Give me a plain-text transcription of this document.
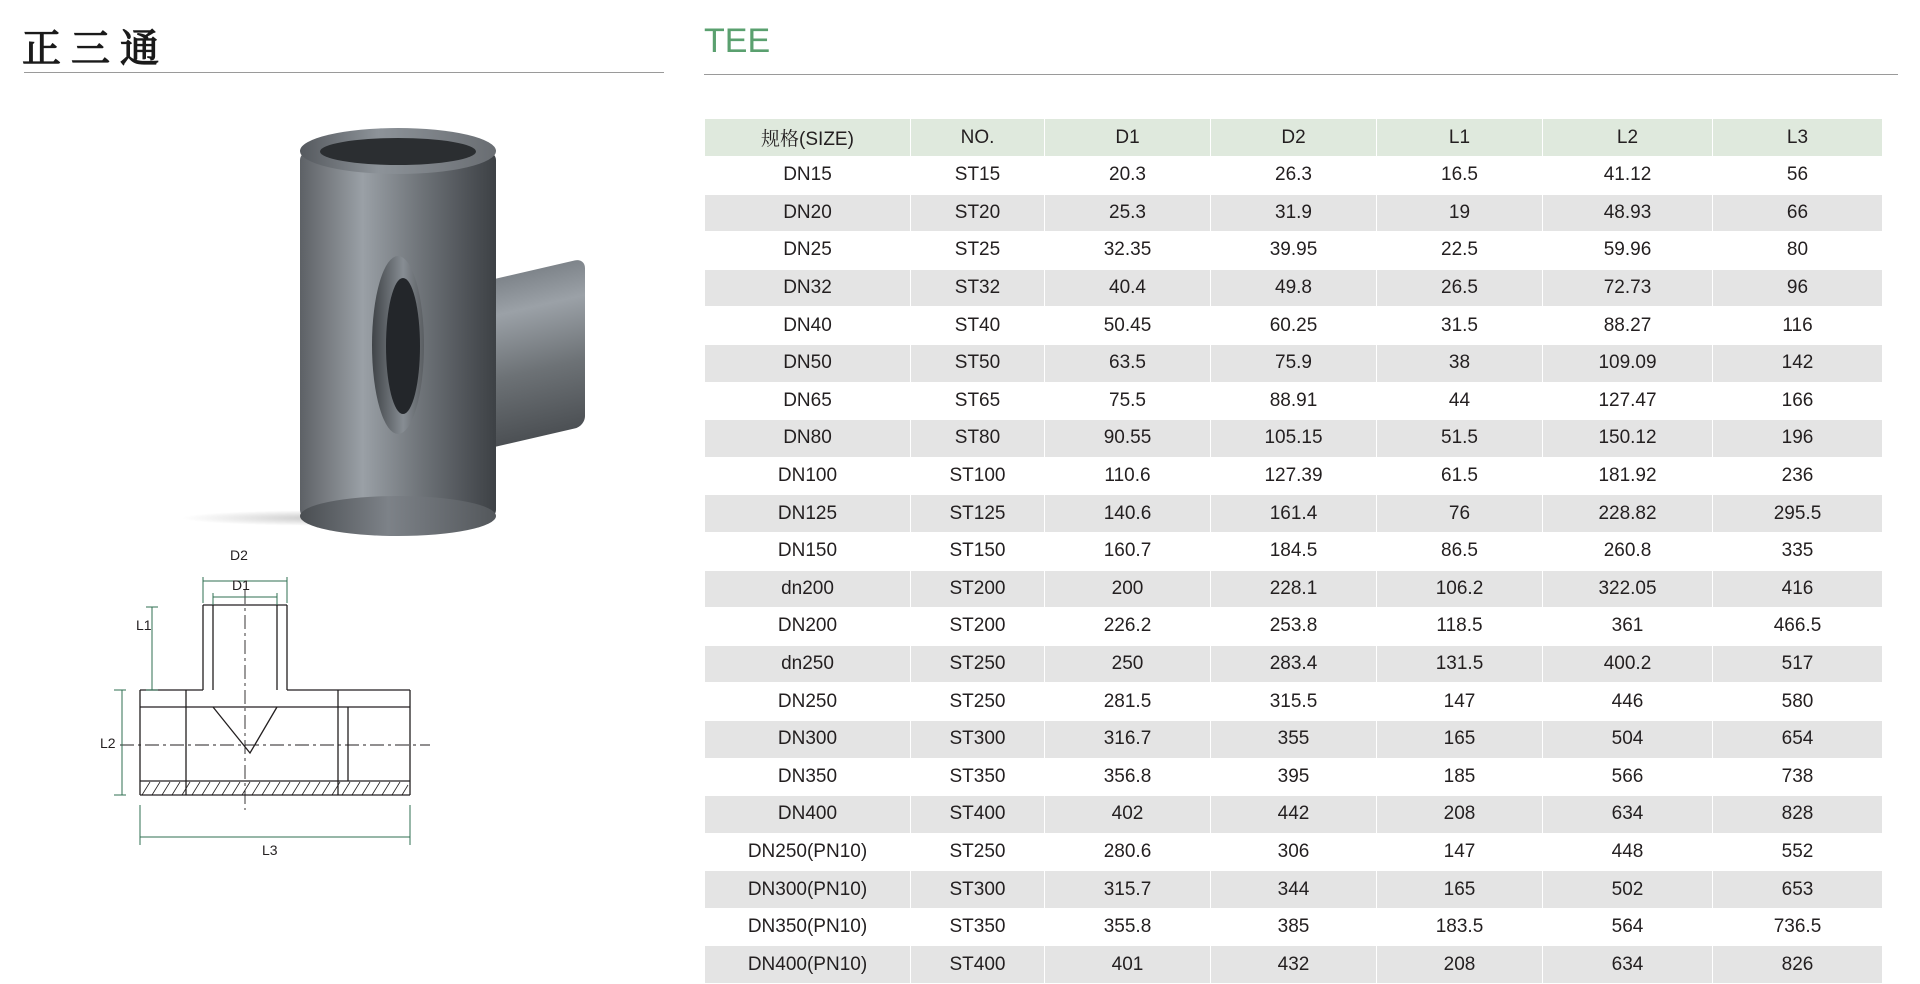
正三通
D2
D1
L1
L2
L3
TEE
规格(SIZE)	NO.	D1	D2	L1	L2	L3
DN15	ST15	20.3	26.3	16.5	41.12	56
DN20	ST20	25.3	31.9	19	48.93	66
DN25	ST25	32.35	39.95	22.5	59.96	80
DN32	ST32	40.4	49.8	26.5	72.73	96
DN40	ST40	50.45	60.25	31.5	88.27	116
DN50	ST50	63.5	75.9	38	109.09	142
DN65	ST65	75.5	88.91	44	127.47	166
DN80	ST80	90.55	105.15	51.5	150.12	196
DN100	ST100	110.6	127.39	61.5	181.92	236
DN125	ST125	140.6	161.4	76	228.82	295.5
DN150	ST150	160.7	184.5	86.5	260.8	335
dn200	ST200	200	228.1	106.2	322.05	416
DN200	ST200	226.2	253.8	118.5	361	466.5
dn250	ST250	250	283.4	131.5	400.2	517
DN250	ST250	281.5	315.5	147	446	580
DN300	ST300	316.7	355	165	504	654
DN350	ST350	356.8	395	185	566	738
DN400	ST400	402	442	208	634	828
DN250(PN10)	ST250	280.6	306	147	448	552
DN300(PN10)	ST300	315.7	344	165	502	653
DN350(PN10)	ST350	355.8	385	183.5	564	736.5
DN400(PN10)	ST400	401	432	208	634	826
